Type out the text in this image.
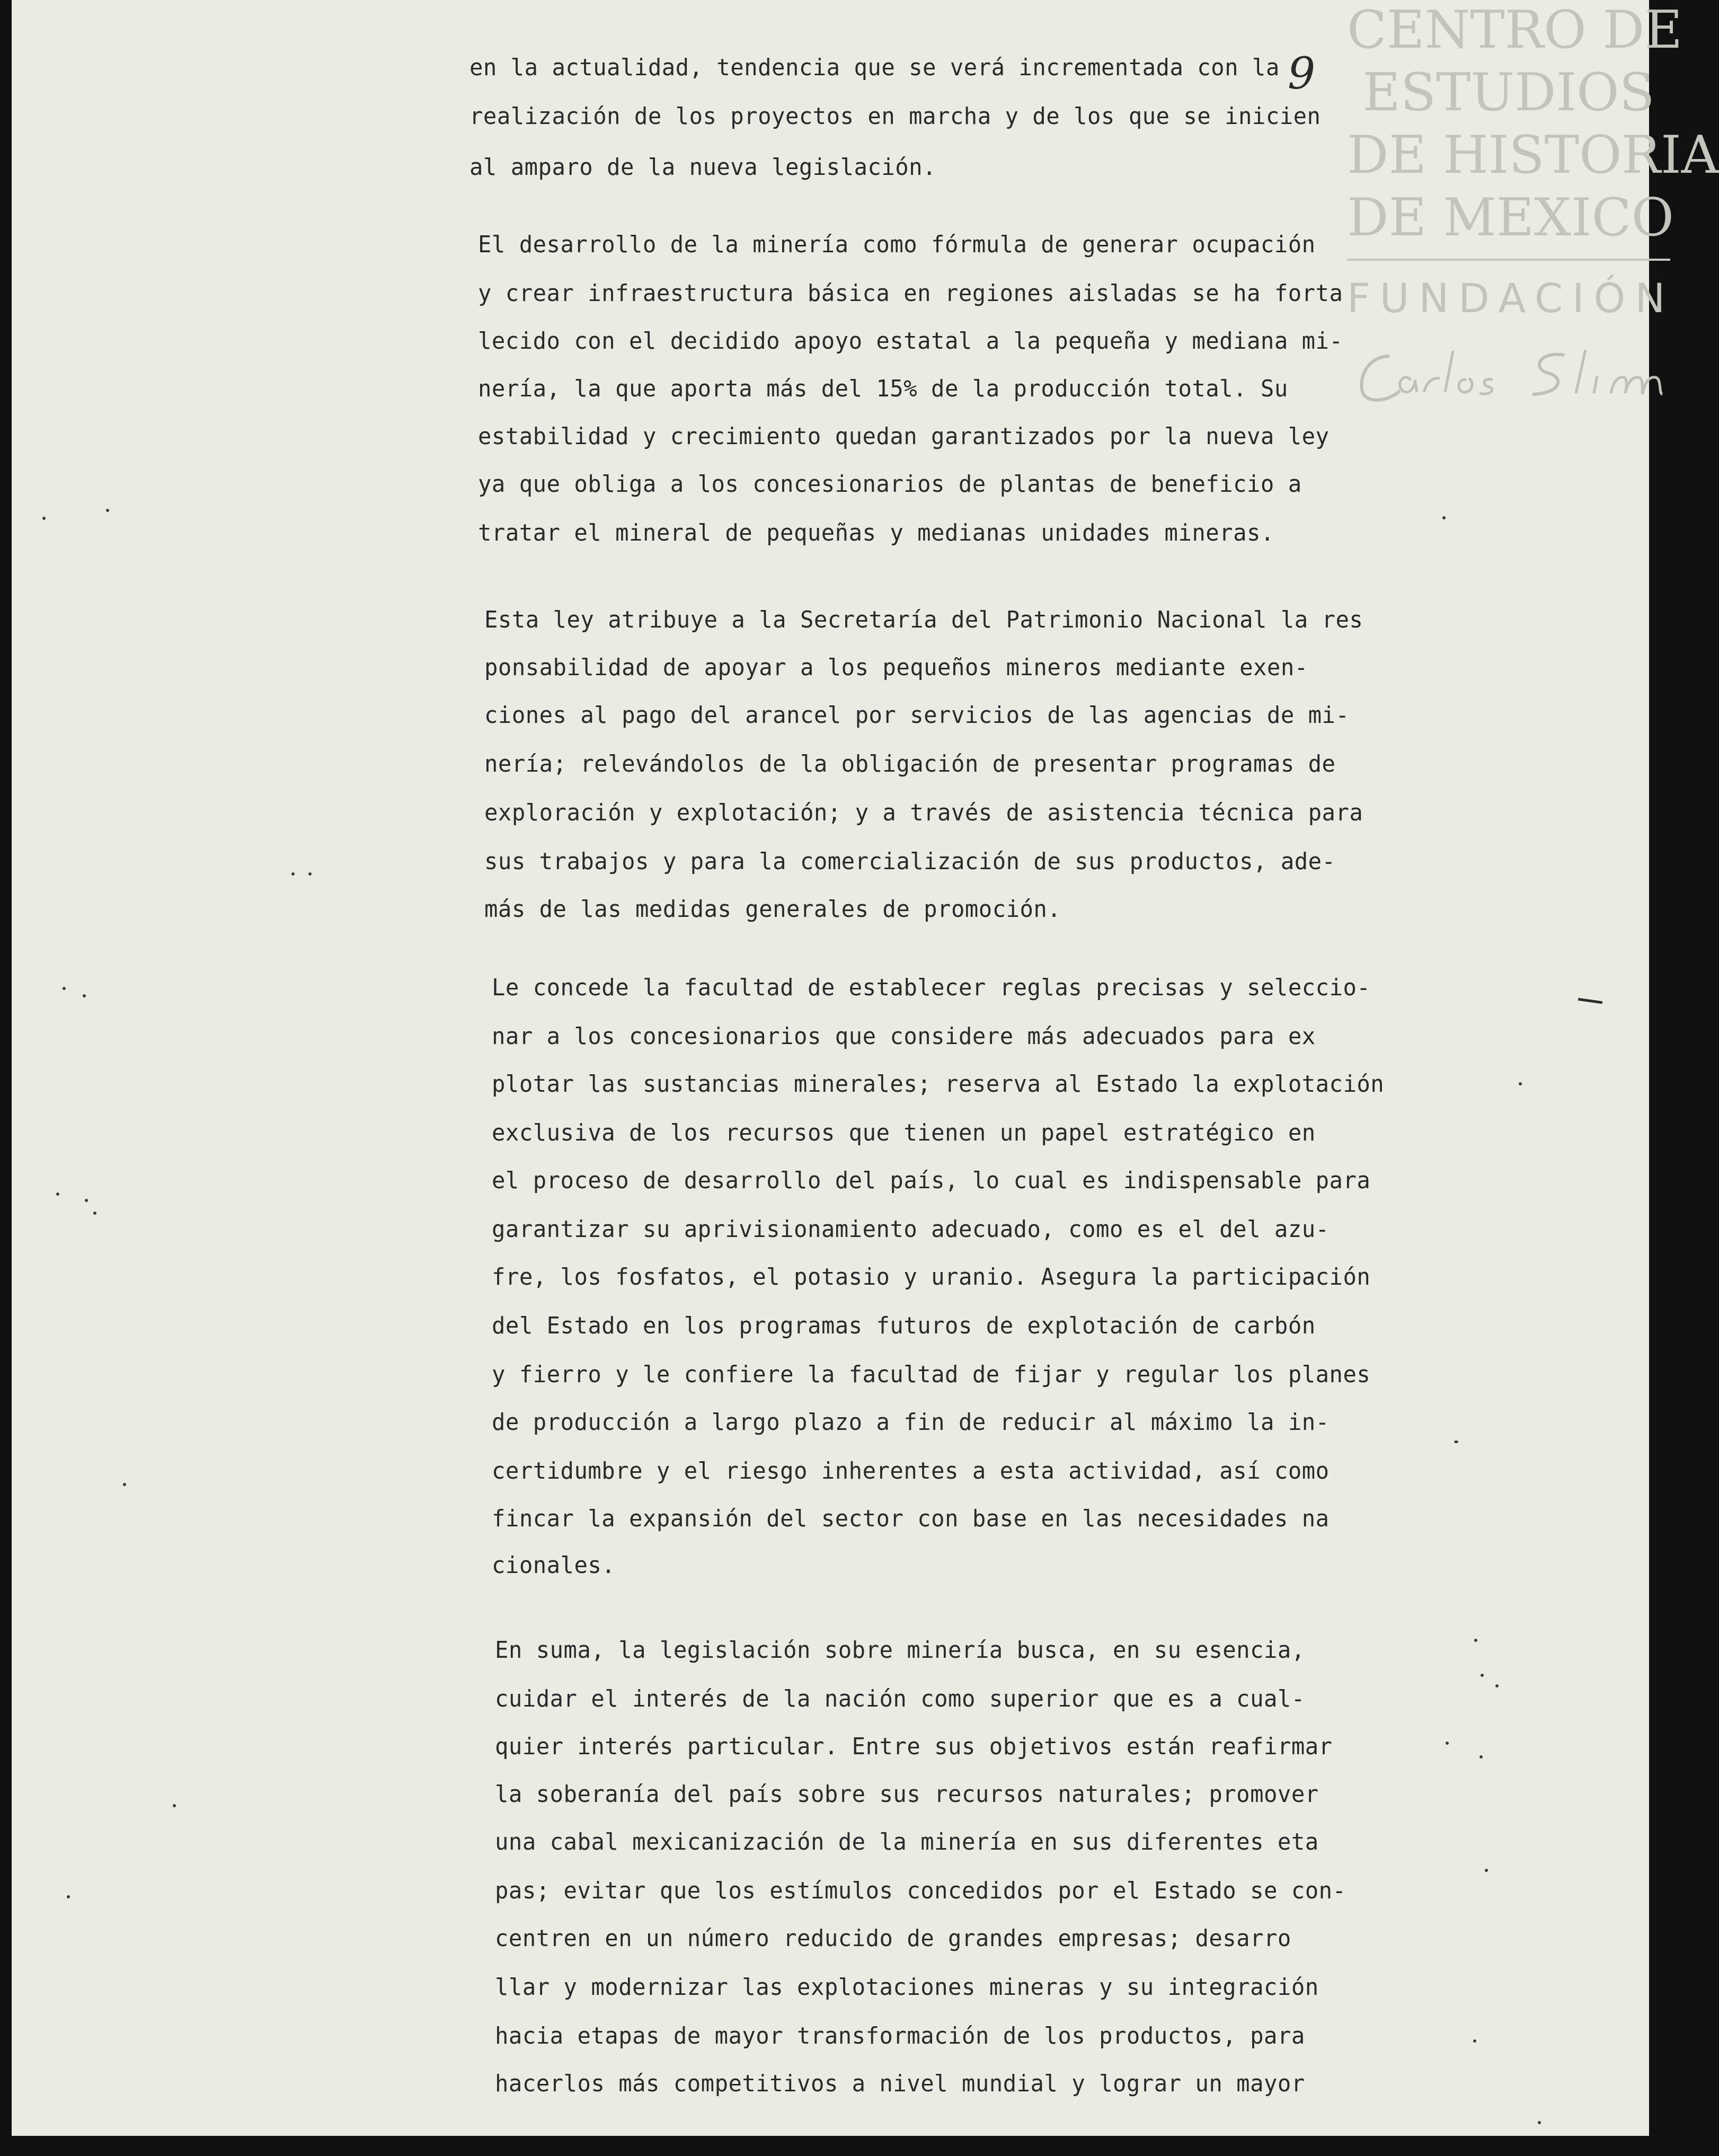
CENTRO DE
ESTUDIOS
DE HISTORIA
DE MEXICO
FUNDACIÓN
9
en la actualidad, tendencia que se verá incrementada con la
realización de los proyectos en marcha y de los que se inicien
al amparo de la nueva legislación.
El desarrollo de la minería como fórmula de generar ocupación
y crear infraestructura básica en regiones aisladas se ha forta
lecido con el decidido apoyo estatal a la pequeña y mediana mi-
nería, la que aporta más del 15% de la producción total. Su
estabilidad y crecimiento quedan garantizados por la nueva ley
ya que obliga a los concesionarios de plantas de beneficio a
tratar el mineral de pequeñas y medianas unidades mineras.
Esta ley atribuye a la Secretaría del Patrimonio Nacional la res
ponsabilidad de apoyar a los pequeños mineros mediante exen-
ciones al pago del arancel por servicios de las agencias de mi-
nería; relevándolos de la obligación de presentar programas de
exploración y explotación; y a través de asistencia técnica para
sus trabajos y para la comercialización de sus productos, ade-
más de las medidas generales de promoción.
Le concede la facultad de establecer reglas precisas y seleccio-
nar a los concesionarios que considere más adecuados para ex
plotar las sustancias minerales; reserva al Estado la explotación
exclusiva de los recursos que tienen un papel estratégico en
el proceso de desarrollo del país, lo cual es indispensable para
garantizar su aprivisionamiento adecuado, como es el del azu-
fre, los fosfatos, el potasio y uranio. Asegura la participación
del Estado en los programas futuros de explotación de carbón
y fierro y le confiere la facultad de fijar y regular los planes
de producción a largo plazo a fin de reducir al máximo la in-
certidumbre y el riesgo inherentes a esta actividad, así como
fincar la expansión del sector con base en las necesidades na
cionales.
En suma, la legislación sobre minería busca, en su esencia,
cuidar el interés de la nación como superior que es a cual-
quier interés particular. Entre sus objetivos están reafirmar
la soberanía del país sobre sus recursos naturales; promover
una cabal mexicanización de la minería en sus diferentes eta
pas; evitar que los estímulos concedidos por el Estado se con-
centren en un número reducido de grandes empresas; desarro
llar y modernizar las explotaciones mineras y su integración
hacia etapas de mayor transformación de los productos, para
hacerlos más competitivos a nivel mundial y lograr un mayor
